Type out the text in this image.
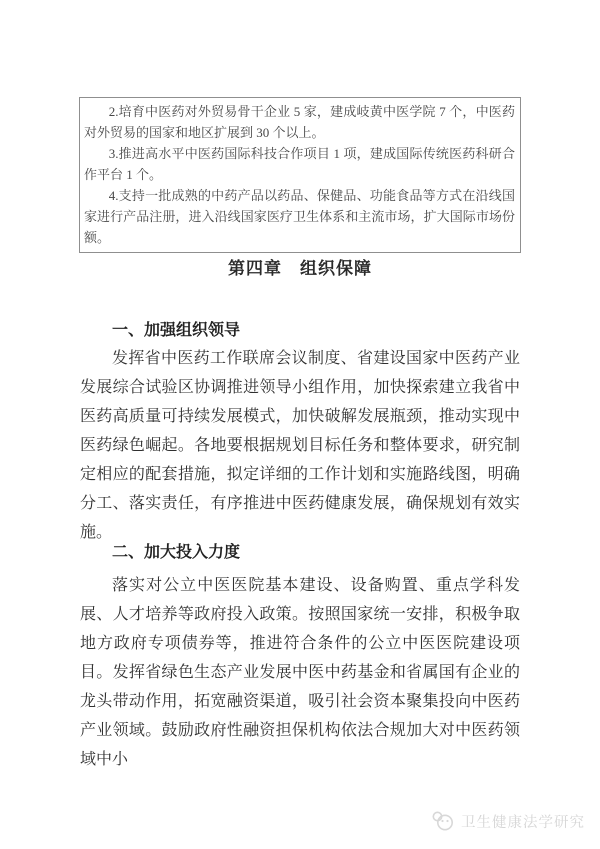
2.培育中医药对外贸易骨干企业 5 家，建成岐黄中医学院 7 个，中医药对外贸易的国家和地区扩展到 30 个以上。

3.推进高水平中医药国际科技合作项目 1 项，建成国际传统医药科研合作平台 1 个。

4.支持一批成熟的中药产品以药品、保健品、功能食品等方式在沿线国家进行产品注册，进入沿线国家医疗卫生体系和主流市场，扩大国际市场份额。

第四章　组织保障
一、加强组织领导

发挥省中医药工作联席会议制度、省建设国家中医药产业发展综合试验区协调推进领导小组作用，加快探索建立我省中医药高质量可持续发展模式，加快破解发展瓶颈，推动实现中医药绿色崛起。各地要根据规划目标任务和整体要求，研究制定相应的配套措施，拟定详细的工作计划和实施路线图，明确分工、落实责任，有序推进中医药健康发展，确保规划有效实施。

二、加大投入力度

落实对公立中医医院基本建设、设备购置、重点学科发展、人才培养等政府投入政策。按照国家统一安排，积极争取地方政府专项债券等，推进符合条件的公立中医医院建设项目。发挥省绿色生态产业发展中医中药基金和省属国有企业的龙头带动作用，拓宽融资渠道，吸引社会资本聚集投向中医药产业领域。鼓励政府性融资担保机构依法合规加大对中医药领域中小

卫生健康法学研究
